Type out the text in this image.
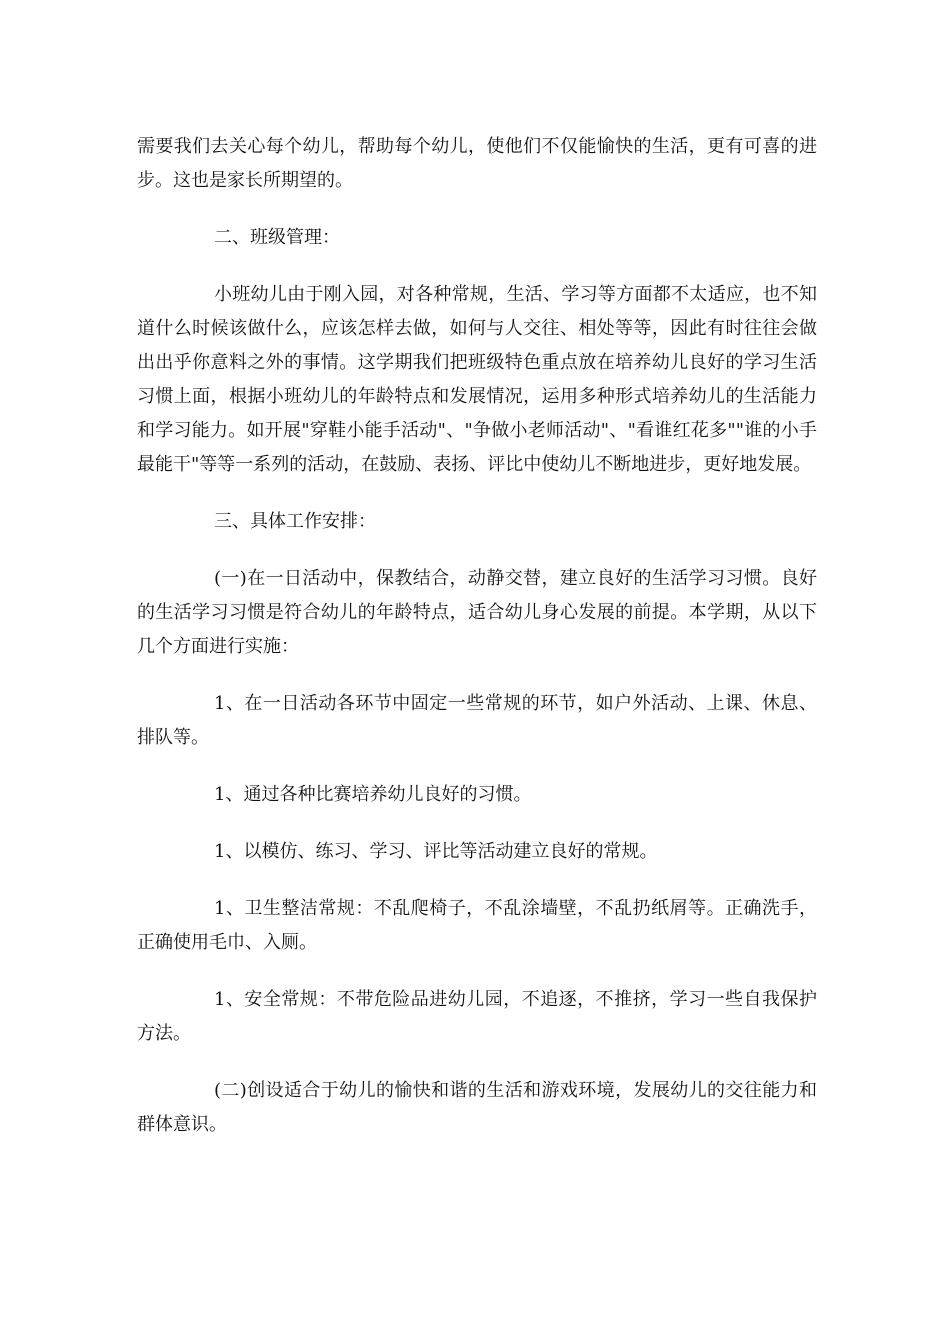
需要我们去关心每个幼儿，帮助每个幼儿，使他们不仅能愉快的生活，更有可喜的进步。这也是家长所期望的。

二、班级管理：

小班幼儿由于刚入园，对各种常规，生活、学习等方面都不太适应，也不知道什么时候该做什么，应该怎样去做，如何与人交往、相处等等，因此有时往往会做出出乎你意料之外的事情。这学期我们把班级特色重点放在培养幼儿良好的学习生活习惯上面，根据小班幼儿的年龄特点和发展情况，运用多种形式培养幼儿的生活能力和学习能力。如开展"穿鞋小能手活动"、"争做小老师活动"、"看谁红花多""谁的小手最能干"等等一系列的活动，在鼓励、表扬、评比中使幼儿不断地进步，更好地发展。

三、具体工作安排：

(一)在一日活动中，保教结合，动静交替，建立良好的生活学习习惯。良好的生活学习习惯是符合幼儿的年龄特点，适合幼儿身心发展的前提。本学期，从以下几个方面进行实施：

1、在一日活动各环节中固定一些常规的环节，如户外活动、上课、休息、排队等。

1、通过各种比赛培养幼儿良好的习惯。

1、以模仿、练习、学习、评比等活动建立良好的常规。

1、卫生整洁常规：不乱爬椅子，不乱涂墙壁，不乱扔纸屑等。正确洗手，正确使用毛巾、入厕。

1、安全常规：不带危险品进幼儿园，不追逐，不推挤，学习一些自我保护方法。

(二)创设适合于幼儿的愉快和谐的生活和游戏环境，发展幼儿的交往能力和群体意识。
